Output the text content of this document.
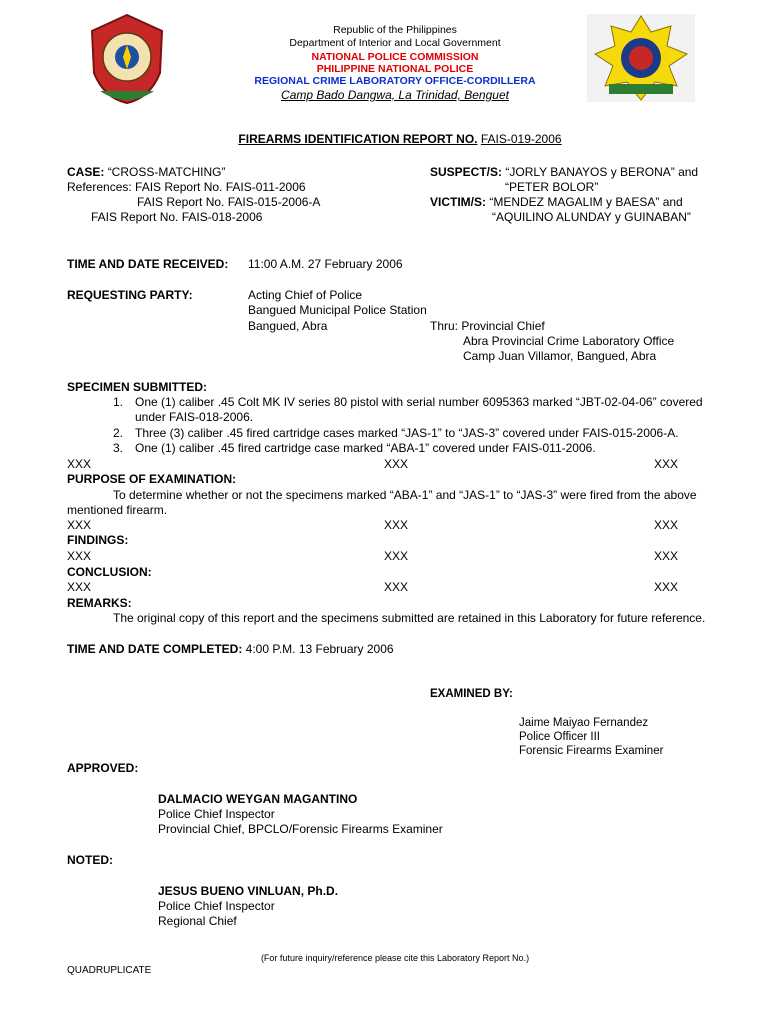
Republic of the Philippines
Department of Interior and Local Government
NATIONAL POLICE COMMISSION
PHILIPPINE NATIONAL POLICE
REGIONAL CRIME LABORATORY OFFICE-CORDILLERA
Camp Bado Dangwa, La Trinidad, Benguet
FIREARMS IDENTIFICATION REPORT NO. FAIS-019-2006
CASE: “CROSS-MATCHING”
References: FAIS Report No. FAIS-011-2006
FAIS Report No. FAIS-015-2006-A
FAIS Report No. FAIS-018-2006
SUSPECT/S: “JORLY BANAYOS y BERONA” and
“PETER BOLOR”
VICTIM/S: “MENDEZ MAGALIM y BAESA” and
“AQUILINO ALUNDAY y GUINABAN”
TIME AND DATE RECEIVED: 11:00 A.M. 27 February 2006
REQUESTING PARTY:	Acting Chief of Police
Bangued Municipal Police Station
Bangued, Abra	Thru: Provincial Chief
Abra Provincial Crime Laboratory Office
Camp Juan Villamor, Bangued, Abra
SPECIMEN SUBMITTED:
1. One (1) caliber .45 Colt MK IV series 80 pistol with serial number 6095363 marked “JBT-02-04-06” covered
under FAIS-018-2006.
2. Three (3) caliber .45 fired cartridge cases marked “JAS-1” to “JAS-3” covered under FAIS-015-2006-A.
3. One (1) caliber .45 fired cartridge case marked “ABA-1” covered under FAIS-011-2006.
XXX	XXX	XXX
PURPOSE OF EXAMINATION:
To determine whether or not the specimens marked “ABA-1” and “JAS-1” to “JAS-3” were fired from the above
mentioned firearm.
XXX	XXX	XXX
FINDINGS:
XXX	XXX	XXX
CONCLUSION:
XXX	XXX	XXX
REMARKS:
The original copy of this report and the specimens submitted are retained in this Laboratory for future reference.
TIME AND DATE COMPLETED: 4:00 P.M. 13 February 2006
EXAMINED BY:
Jaime Maiyao Fernandez
Police Officer III
Forensic Firearms Examiner
APPROVED:
DALMACIO WEYGAN MAGANTINO
Police Chief Inspector
Provincial Chief, BPCLO/Forensic Firearms Examiner
NOTED:
JESUS BUENO VINLUAN, Ph.D.
Police Chief Inspector
Regional Chief
(For future inquiry/reference please cite this Laboratory Report No.)
QUADRUPLICATE
